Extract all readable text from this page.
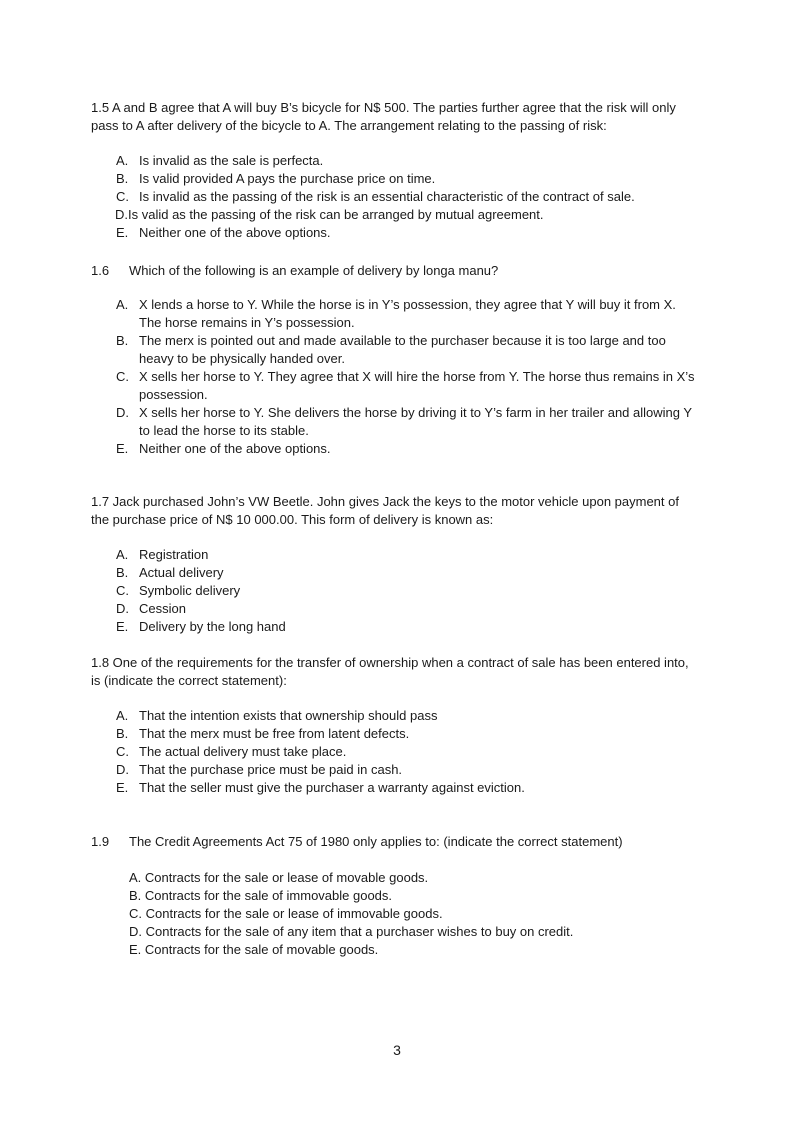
1.5 A and B agree that A will buy B’s bicycle for N$ 500. The parties further agree that the risk will only pass to A after delivery of the bicycle to A. The arrangement relating to the passing of risk:

A. Is invalid as the sale is perfecta.
B. Is valid provided A pays the purchase price on time.
C. Is invalid as the passing of the risk is an essential characteristic of the contract of sale.
D.Is valid as the passing of the risk can be arranged by mutual agreement.
E. Neither one of the above options.
1.6 Which of the following is an example of delivery by longa manu?
A. X lends a horse to Y. While the horse is in Y’s possession, they agree that Y will buy it from X. The horse remains in Y’s possession.
B. The merx is pointed out and made available to the purchaser because it is too large and too heavy to be physically handed over.
C. X sells her horse to Y. They agree that X will hire the horse from Y. The horse thus remains in X’s possession.
D. X sells her horse to Y. She delivers the horse by driving it to Y’s farm in her trailer and allowing Y to lead the horse to its stable.
E. Neither one of the above options.

1.7 Jack purchased John’s VW Beetle. John gives Jack the keys to the motor vehicle upon payment of the purchase price of N$ 10 000.00. This form of delivery is known as:

A. Registration
B. Actual delivery
C. Symbolic delivery
D. Cession
E. Delivery by the long hand

1.8 One of the requirements for the transfer of ownership when a contract of sale has been entered into, is (indicate the correct statement):

A. That the intention exists that ownership should pass
B. That the merx must be free from latent defects.
C. The actual delivery must take place.
D. That the purchase price must be paid in cash.
E. That the seller must give the purchaser a warranty against eviction.
1.9 The Credit Agreements Act 75 of 1980 only applies to: (indicate the correct statement)
A. Contracts for the sale or lease of movable goods.
B. Contracts for the sale of immovable goods.
C. Contracts for the sale or lease of immovable goods.
D. Contracts for the sale of any item that a purchaser wishes to buy on credit.
E. Contracts for the sale of movable goods.
3
